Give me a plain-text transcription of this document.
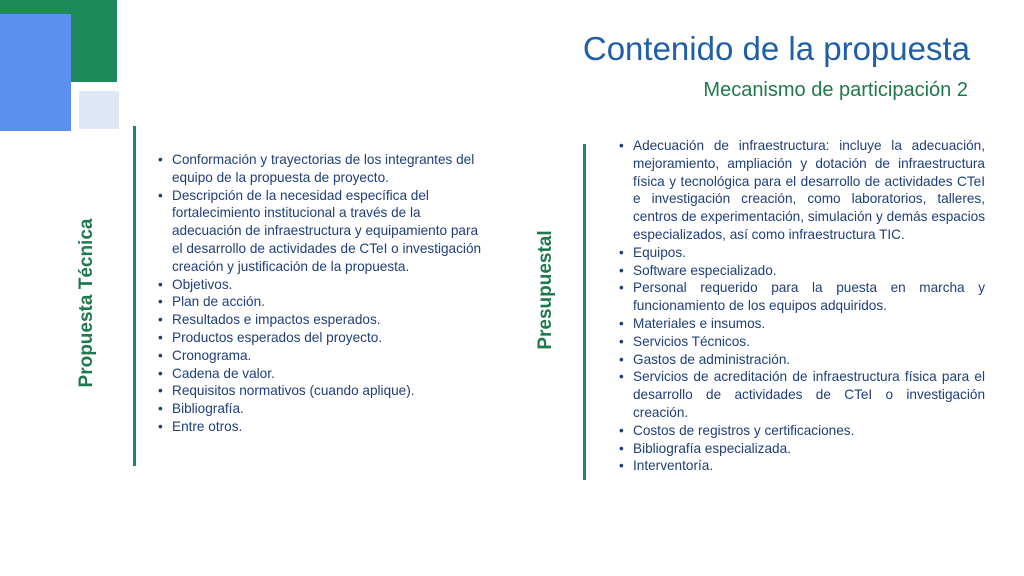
Contenido de la propuesta
Mecanismo de participación 2
Propuesta Técnica
• Conformación y trayectorias de los integrantes del equipo de la propuesta de proyecto.
• Descripción de la necesidad específica del fortalecimiento institucional a través de la adecuación de infraestructura y equipamiento para el desarrollo de actividades de CTeI o investigación creación y justificación de la propuesta.
• Objetivos.
• Plan de acción.
• Resultados e impactos esperados.
• Productos esperados del proyecto.
• Cronograma.
• Cadena de valor.
• Requisitos normativos (cuando aplique).
• Bibliografía.
• Entre otros.
Presupuestal
• Adecuación de infraestructura: incluye la adecuación, mejoramiento, ampliación y dotación de infraestructura física y tecnológica para el desarrollo de actividades CTeI e investigación creación, como laboratorios, talleres, centros de experimentación, simulación y demás espacios especializados, así como infraestructura TIC.
• Equipos.
• Software especializado.
• Personal requerido para la puesta en marcha y funcionamiento de los equipos adquiridos.
• Materiales e insumos.
• Servicios Técnicos.
• Gastos de administración.
• Servicios de acreditación de infraestructura física para el desarrollo de actividades de CTeI o investigación creación.
• Costos de registros y certificaciones.
• Bibliografía especializada.
• Interventoría.
